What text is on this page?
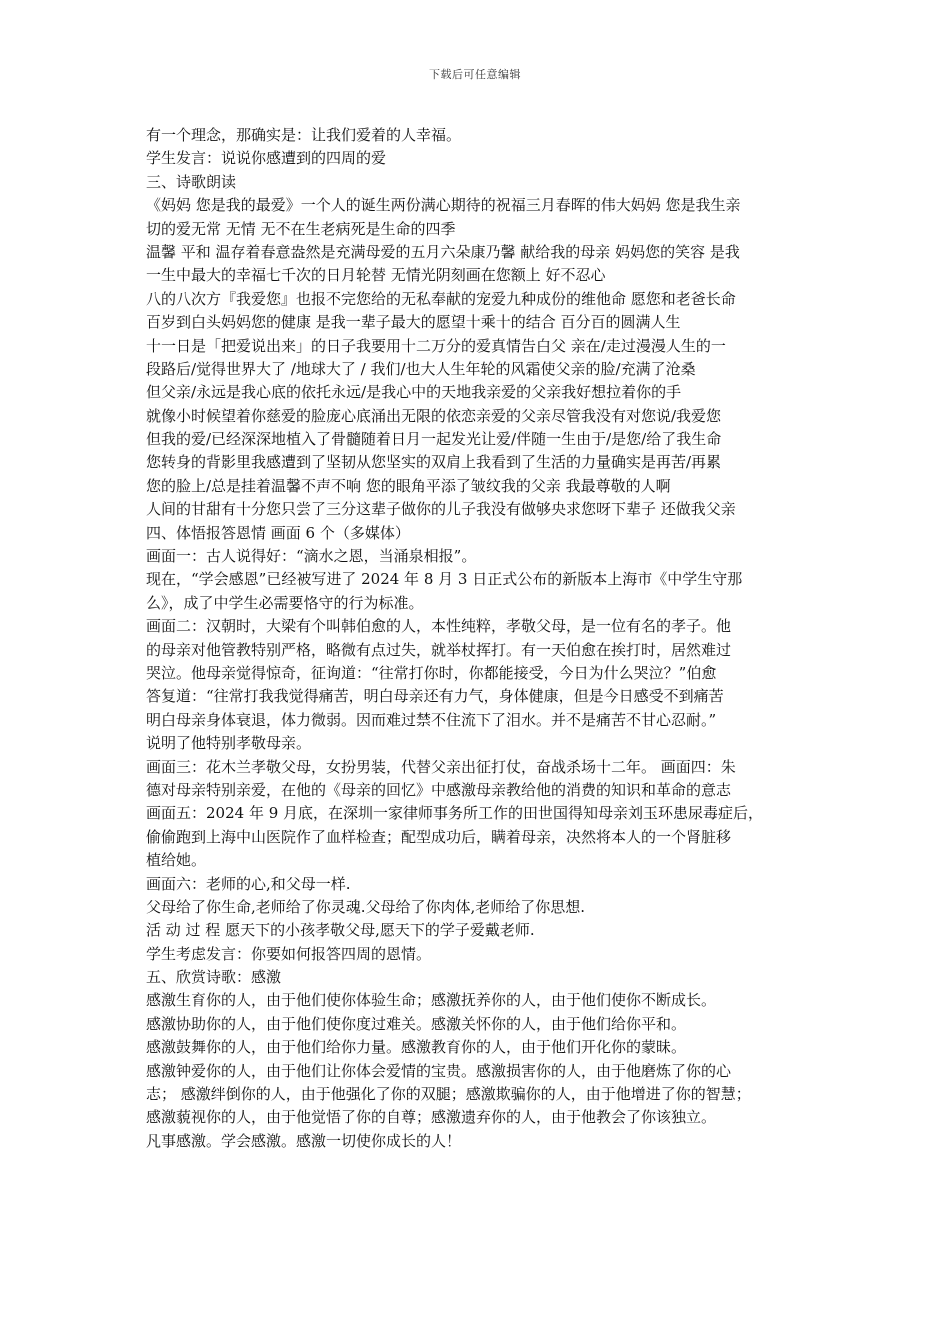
下载后可任意编辑
有一个理念，那确实是：让我们爱着的人幸福。
学生发言：说说你感遭到的四周的爱
三、诗歌朗读
《妈妈 您是我的最爱》一个人的诞生两份满心期待的祝福三月春晖的伟大妈妈 您是我生亲
切的爱无常 无情 无不在生老病死是生命的四季
温馨 平和 温存着春意盎然是充满母爱的五月六朵康乃馨 献给我的母亲 妈妈您的笑容 是我
一生中最大的幸福七千次的日月轮替 无情光阴刻画在您额上 好不忍心
八的八次方『我爱您』也报不完您给的无私奉献的宠爱九种成份的维他命 愿您和老爸长命
百岁到白头妈妈您的健康 是我一辈子最大的愿望十乘十的结合 百分百的圆满人生
十一日是「把爱说出来」的日子我要用十二万分的爱真情告白父 亲在/走过漫漫人生的一
段路后/觉得世界大了 /地球大了 / 我们/也大人生年轮的风霜使父亲的脸/充满了沧桑
但父亲/永远是我心底的依托永远/是我心中的天地我亲爱的父亲我好想拉着你的手
就像小时候望着你慈爱的脸庞心底涌出无限的依恋亲爱的父亲尽管我没有对您说/我爱您
但我的爱/已经深深地植入了骨髓随着日月一起发光让爱/伴随一生由于/是您/给了我生命
您转身的背影里我感遭到了坚韧从您坚实的双肩上我看到了生活的力量确实是再苦/再累
您的脸上/总是挂着温馨不声不响 您的眼角平添了皱纹我的父亲 我最尊敬的人啊
人间的甘甜有十分您只尝了三分这辈子做你的儿子我没有做够央求您呀下辈子 还做我父亲
四、体悟报答恩情 画面 6 个（多媒体）
画面一：古人说得好：“滴水之恩，当涌泉相报”。
现在，“学会感恩”已经被写进了 2024 年 8 月 3 日正式公布的新版本上海市《中学生守那
么》，成了中学生必需要恪守的行为标准。
画面二：汉朝时，大梁有个叫韩伯愈的人，本性纯粹，孝敬父母，是一位有名的孝子。他
的母亲对他管教特别严格，略微有点过失，就举杖挥打。有一天伯愈在挨打时，居然难过
哭泣。他母亲觉得惊奇，征询道：“往常打你时，你都能接受，今日为什么哭泣？”伯愈
答复道：“往常打我我觉得痛苦，明白母亲还有力气，身体健康，但是今日感受不到痛苦
明白母亲身体衰退，体力微弱。因而难过禁不住流下了泪水。并不是痛苦不甘心忍耐。”
说明了他特别孝敬母亲。
画面三：花木兰孝敬父母，女扮男装，代替父亲出征打仗，奋战杀场十二年。 画面四：朱
德对母亲特别亲爱，在他的《母亲的回忆》中感激母亲教给他的消费的知识和革命的意志
画面五：2024 年 9 月底，在深圳一家律师事务所工作的田世国得知母亲刘玉环患尿毒症后，
偷偷跑到上海中山医院作了血样检查；配型成功后，瞒着母亲，决然将本人的一个肾脏移
植给她。
画面六：老师的心,和父母一样.
父母给了你生命,老师给了你灵魂.父母给了你肉体,老师给了你思想.
活 动 过 程 愿天下的小孩孝敬父母,愿天下的学子爱戴老师.
学生考虑发言：你要如何报答四周的恩情。
五、欣赏诗歌：感激
感激生育你的人，由于他们使你体验生命；感激抚养你的人，由于他们使你不断成长。
感激协助你的人，由于他们使你度过难关。感激关怀你的人，由于他们给你平和。
感激鼓舞你的人，由于他们给你力量。感激教育你的人，由于他们开化你的蒙昧。
感激钟爱你的人，由于他们让你体会爱情的宝贵。感激损害你的人，由于他磨炼了你的心
志； 感激绊倒你的人，由于他强化了你的双腿；感激欺骗你的人，由于他增进了你的智慧；
感激藐视你的人，由于他觉悟了你的自尊；感激遗弃你的人，由于他教会了你该独立。
凡事感激。学会感激。感激一切使你成长的人！
